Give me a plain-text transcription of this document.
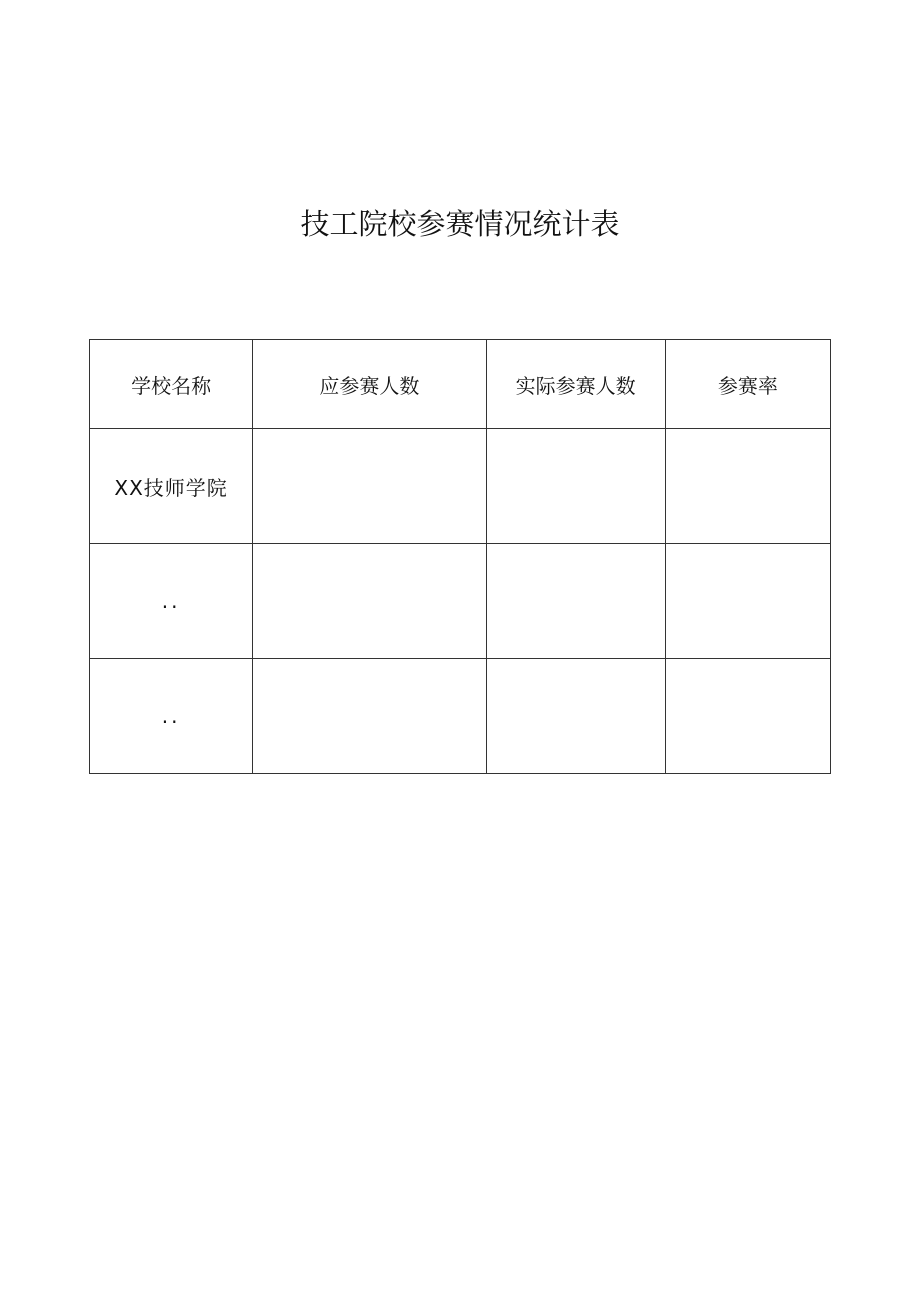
技工院校参赛情况统计表
学校名称	应参赛人数	实际参赛人数	参赛率
XX技师学院			
..			
..			
